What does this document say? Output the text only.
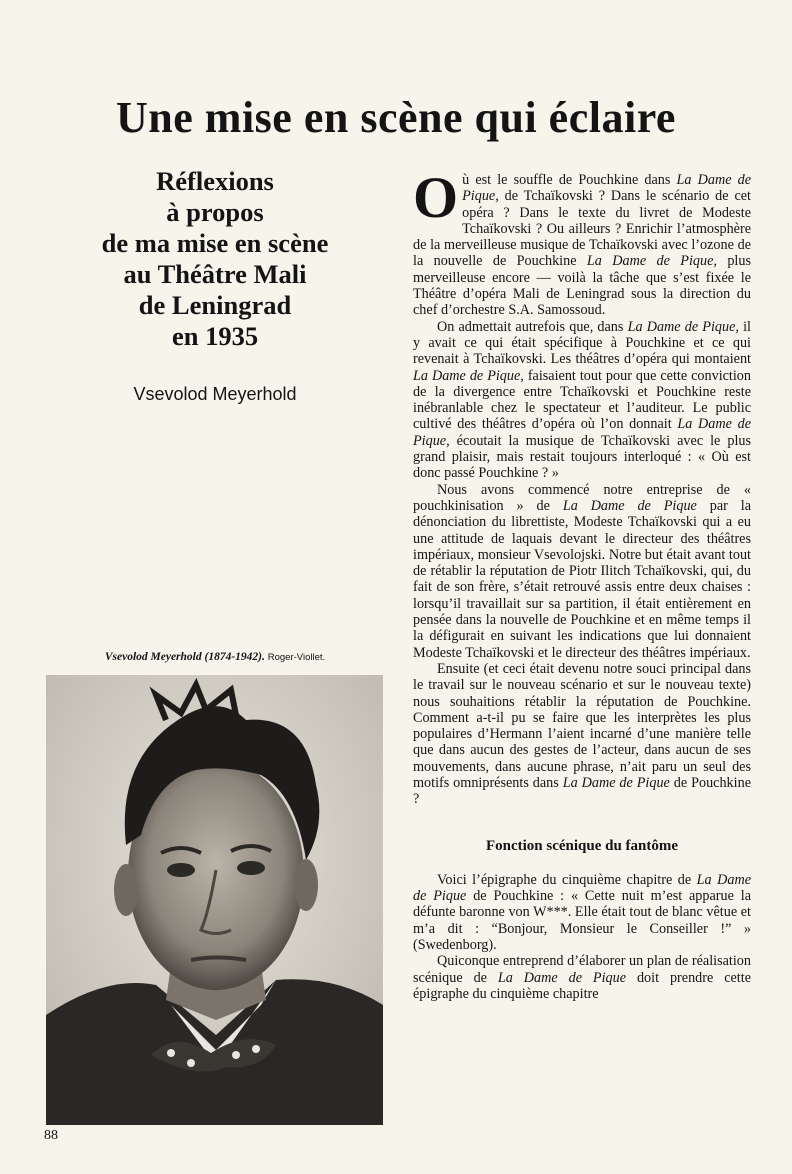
Une mise en scène qui éclaire
Réflexions
à propos
de ma mise en scène
au Théâtre Mali
de Leningrad
en 1935
Vsevolod Meyerhold
Vsevolod Meyerhold (1874-1942). Roger-Viollet.
88

Où est le souffle de Pouchkine dans La Dame de Pique, de Tchaïkovski ? Dans le scénario de cet opéra ? Dans le texte du livret de Modeste Tchaïkovski ? Ou ailleurs ? Enrichir l’atmosphère de la merveilleuse musique de Tchaïkovski avec l’ozone de la nouvelle de Pouchkine La Dame de Pique, plus merveilleuse encore — voilà la tâche que s’est fixée le Théâtre d’opéra Mali de Leningrad sous la direction du chef d’orchestre S.A. Samossoud.

On admettait autrefois que, dans La Dame de Pique, il y avait ce qui était spécifique à Pouchkine et ce qui revenait à Tchaïkovski. Les théâtres d’opéra qui montaient La Dame de Pique, faisaient tout pour que cette conviction de la divergence entre Tchaïkovski et Pouchkine reste inébranlable chez le spectateur et l’auditeur. Le public cultivé des théâtres d’opéra où l’on donnait La Dame de Pique, écoutait la musique de Tchaïkovski avec le plus grand plaisir, mais restait toujours interloqué : « Où est donc passé Pouchkine ? »

Nous avons commencé notre entreprise de « pouchkinisation » de La Dame de Pique par la dénonciation du librettiste, Modeste Tchaïkovski qui a eu une attitude de laquais devant le directeur des théâtres impériaux, monsieur Vsevolojski. Notre but était avant tout de rétablir la réputation de Piotr Ilitch Tchaïkovski, qui, du fait de son frère, s’était retrouvé assis entre deux chaises : lorsqu’il travaillait sur sa partition, il était entièrement en pensée dans la nouvelle de Pouchkine et en même temps il la défigurait en suivant les indications que lui donnaient Modeste Tchaïkovski et le directeur des théâtres impériaux.

Ensuite (et ceci était devenu notre souci principal dans le travail sur le nouveau scénario et sur le nouveau texte) nous souhaitions rétablir la réputation de Pouchkine. Comment a-t-il pu se faire que les interprètes les plus populaires d’Hermann l’aient incarné d’une manière telle que dans aucun des gestes de l’acteur, dans aucun de ses mouvements, dans aucune phrase, n’ait paru un seul des motifs omniprésents dans La Dame de Pique de Pouchkine ?

Fonction scénique du fantôme

Voici l’épigraphe du cinquième chapitre de La Dame de Pique de Pouchkine : « Cette nuit m’est apparue la défunte baronne von W***. Elle était tout de blanc vêtue et m’a dit : “Bonjour, Monsieur le Conseiller !” » (Swedenborg).

Quiconque entreprend d’élaborer un plan de réalisation scénique de La Dame de Pique doit prendre cette épigraphe du cinquième chapitre
